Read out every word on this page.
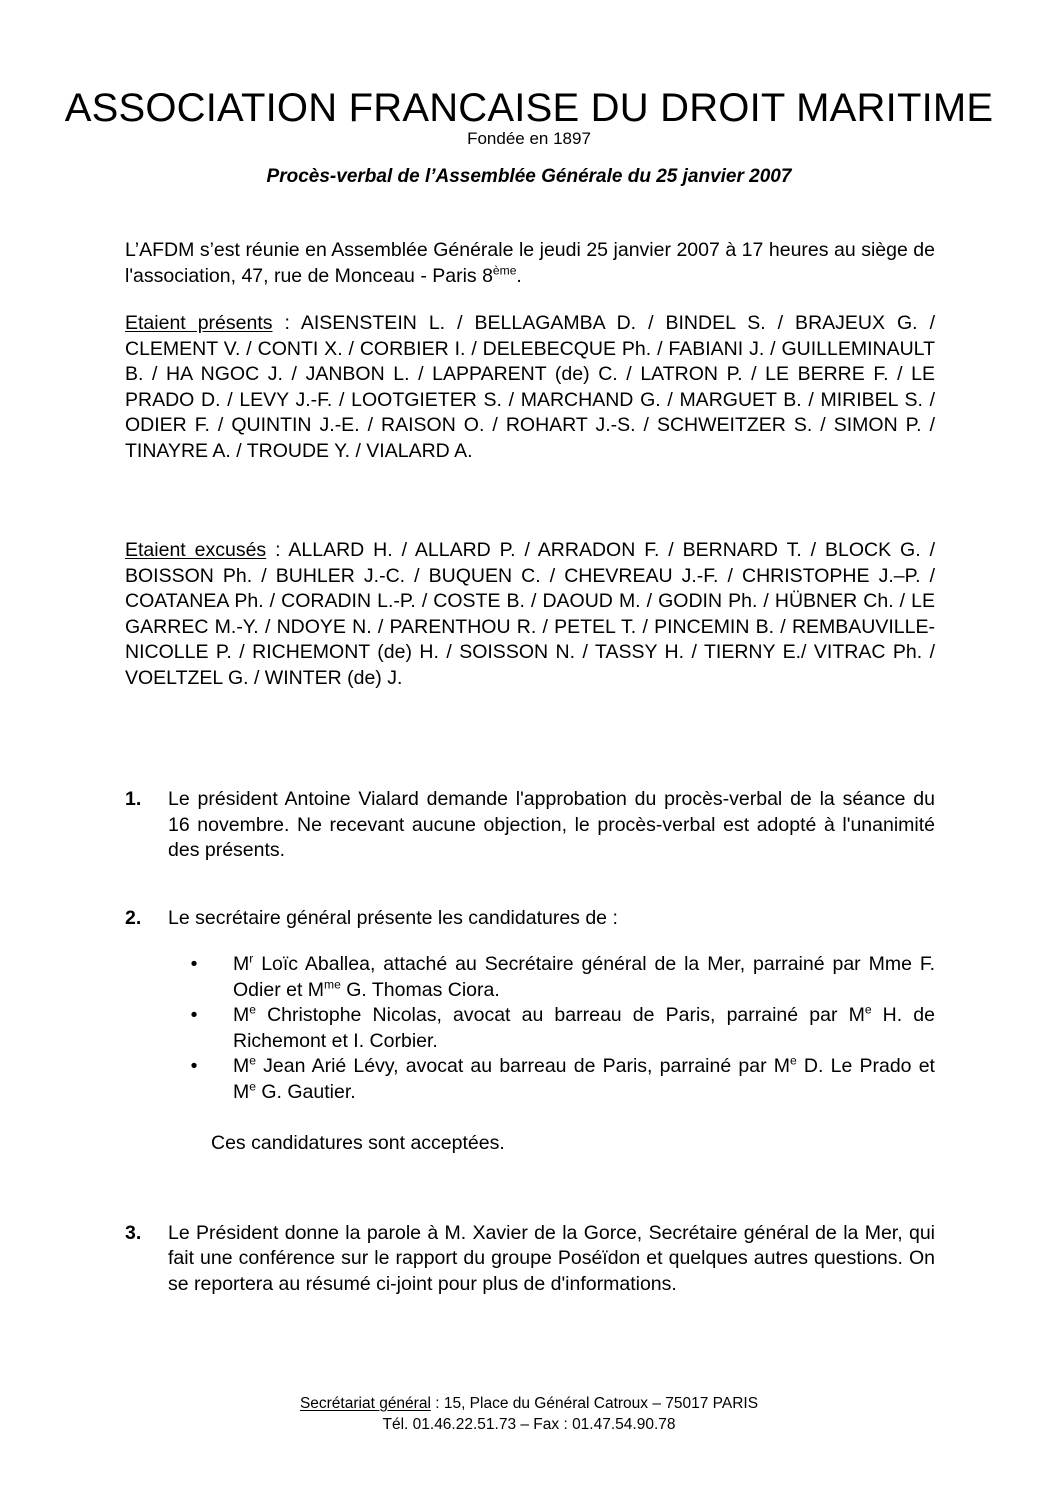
ASSOCIATION FRANCAISE DU DROIT MARITIME
Fondée en 1897
Procès-verbal de l’Assemblée Générale du 25 janvier 2007

L’AFDM s’est réunie en Assemblée Générale le jeudi 25 janvier 2007 à 17 heures au siège de l'association, 47, rue de Monceau - Paris 8ème.

Etaient présents : AISENSTEIN L. / BELLAGAMBA D. / BINDEL S. / BRAJEUX G. / CLEMENT V. / CONTI X. / CORBIER I. / DELEBECQUE Ph. / FABIANI J. / GUILLEMINAULT B. / HA NGOC J. / JANBON L. / LAPPARENT (de) C. / LATRON P. / LE BERRE F. / LE PRADO D. / LEVY J.-F. / LOOTGIETER S. / MARCHAND G. / MARGUET B. / MIRIBEL S. / ODIER F. / QUINTIN J.-E. / RAISON O. / ROHART J.-S. / SCHWEITZER S. / SIMON P. / TINAYRE A. / TROUDE Y. / VIALARD A.

Etaient excusés : ALLARD H. / ALLARD P. / ARRADON F. / BERNARD T. / BLOCK G. / BOISSON Ph. / BUHLER J.-C. / BUQUEN C. / CHEVREAU J.-F. / CHRISTOPHE J.–P. / COATANEA Ph. / CORADIN L.-P. / COSTE B. / DAOUD M. / GODIN Ph. / HÜBNER Ch. / LE GARREC M.-Y. / NDOYE N. / PARENTHOU R. / PETEL T. / PINCEMIN B. / REMBAUVILLE-NICOLLE P. / RICHEMONT (de) H. / SOISSON N. / TASSY H. / TIERNY E./ VITRAC Ph. / VOELTZEL G. / WINTER (de) J.

1. Le président Antoine Vialard demande l'approbation du procès-verbal de la séance du 16 novembre. Ne recevant aucune objection, le procès-verbal est adopté à l'unanimité des présents.
2. Le secrétaire général présente les candidatures de :
•	$M^r$ Loïc Aballea, attaché au Secrétaire général de la Mer, parrainé par Mme F. Odier et $M^{me}$ G. Thomas Ciora.
•	Me Christophe Nicolas, avocat au barreau de Paris, parrainé par Me H. de Richemont et I. Corbier.
•	Me Jean Arié Lévy, avocat au barreau de Paris, parrainé par Me D. Le Prado et Me G. Gautier.

Ces candidatures sont acceptées.

3. Le Président donne la parole à M. Xavier de la Gorce, Secrétaire général de la Mer, qui fait une conférence sur le rapport du groupe Poséïdon et quelques autres questions. On se reportera au résumé ci-joint pour plus de d'informations.
Secrétariat général : 15, Place du Général Catroux – 75017 PARIS
Tél. 01.46.22.51.73 – Fax : 01.47.54.90.78
